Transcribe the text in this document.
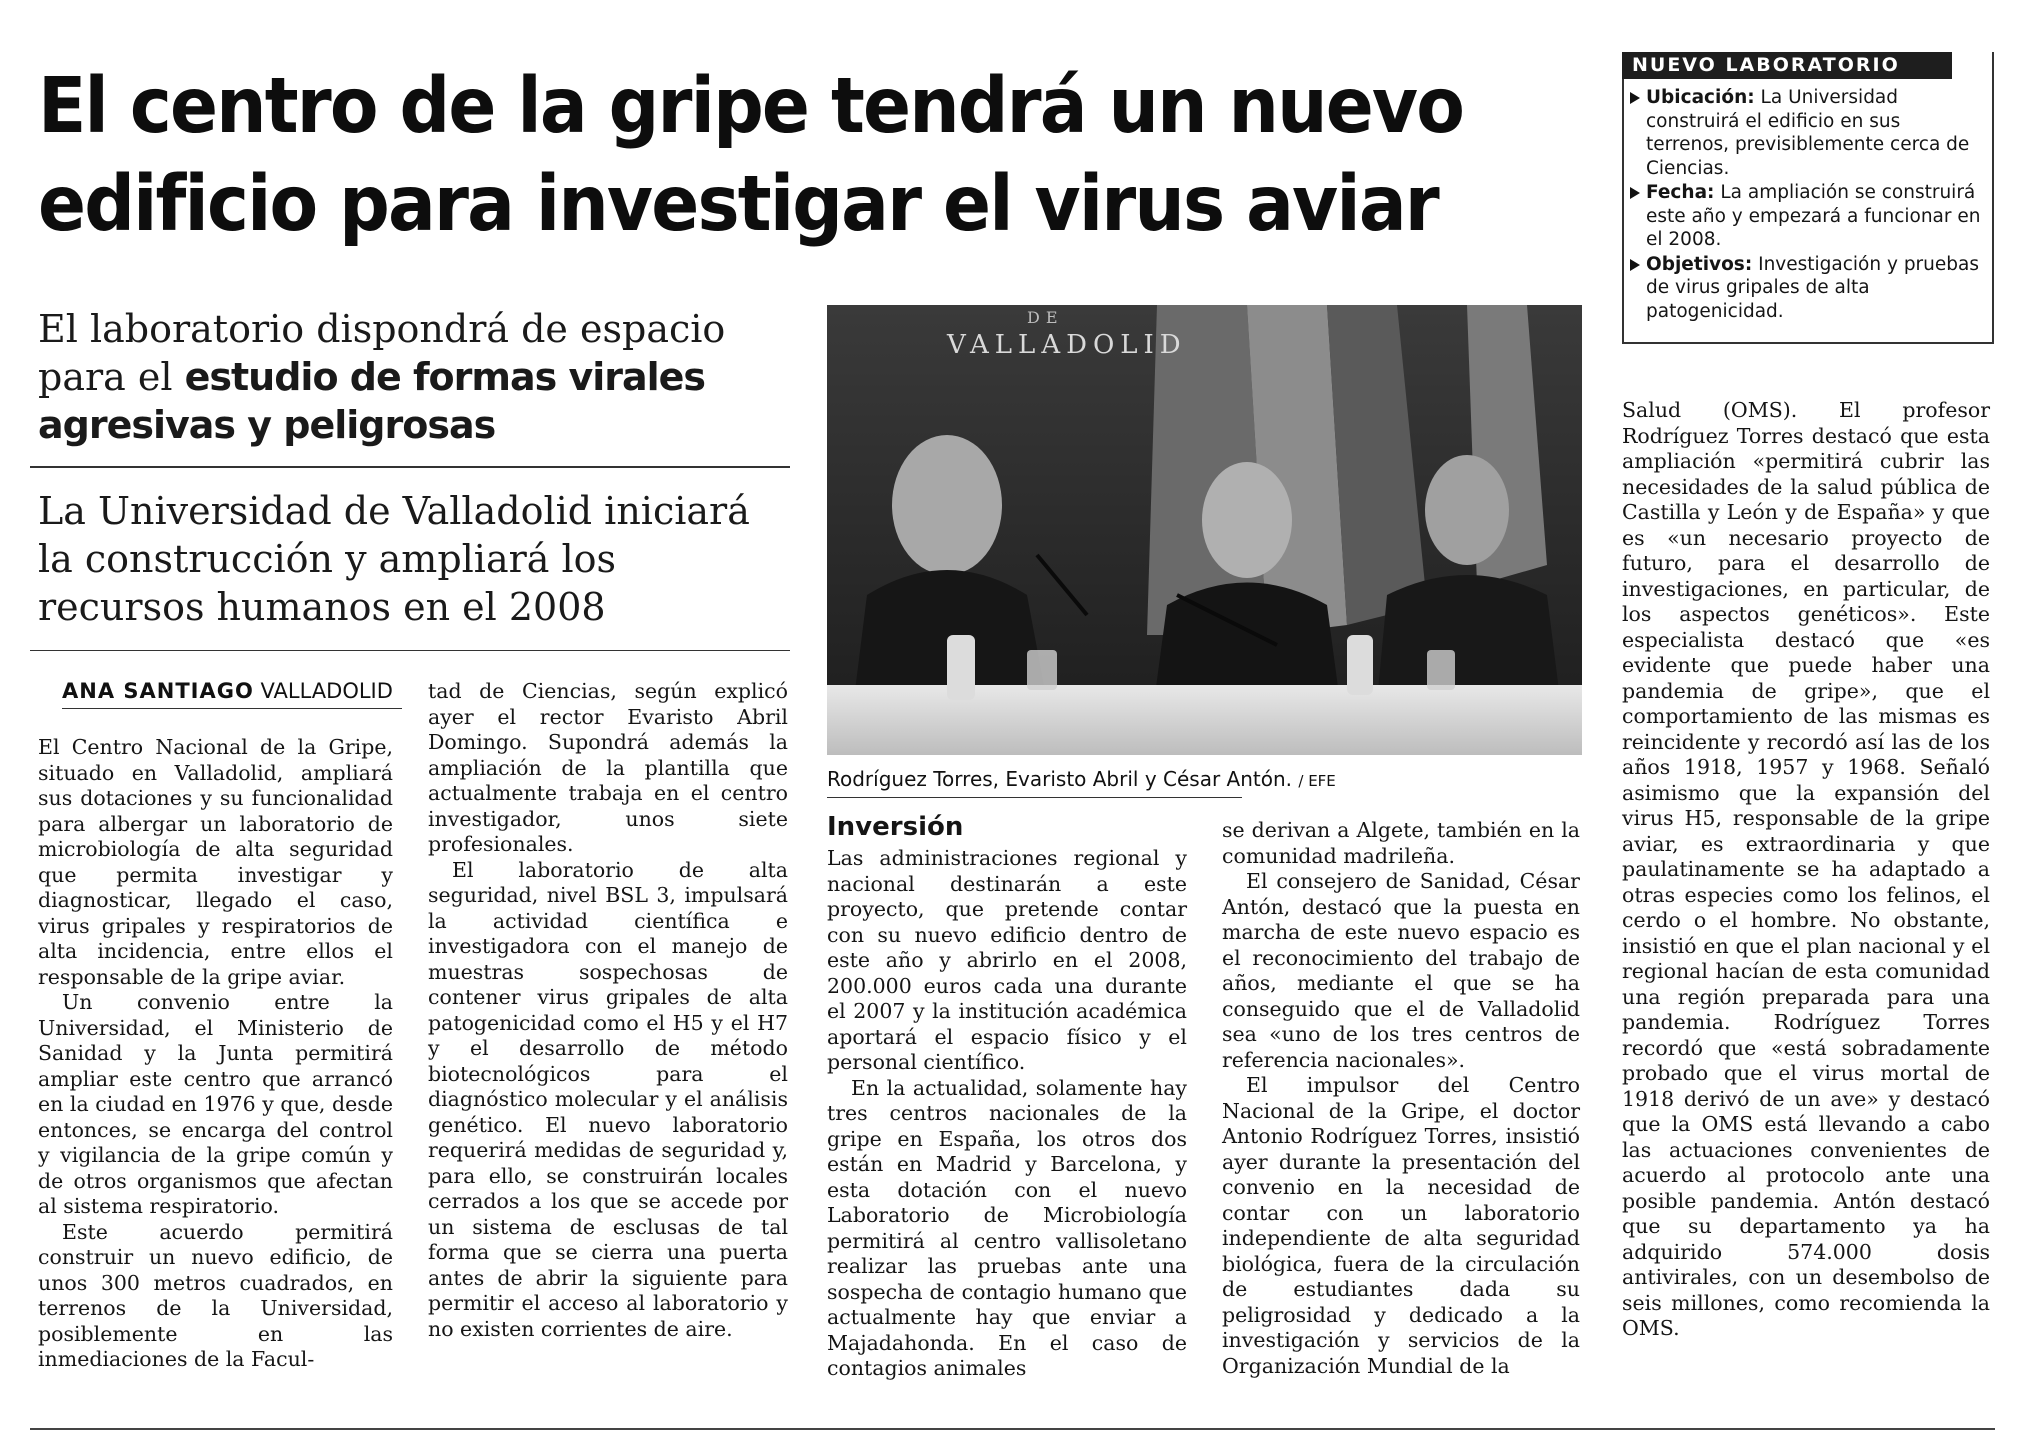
El centro de la gripe tendrá un nuevo
edificio para investigar el virus aviar
NUEVO LABORATORIO
Ubicación: La Universidad construirá el edificio en sus terrenos, previsiblemente cerca de Ciencias.
Fecha: La ampliación se construirá este año y empezará a funcionar en el 2008.
Objetivos: Investigación y pruebas de virus gripales de alta patogenicidad.
El laboratorio dispondrá de espacio
para el estudio de formas virales
agresivas y peligrosas
La Universidad de Valladolid iniciará
la construcción y ampliará los
recursos humanos en el 2008
ANA SANTIAGO VALLADOLID
VALLADOLID
DE
Rodríguez Torres, Evaristo Abril y César Antón. / EFE

El Centro Nacional de la Gripe, situado en Valladolid, ampliará sus dotaciones y su funcionalidad para albergar un laboratorio de microbiología de alta seguridad que permita investigar y diagnosticar, llegado el caso, virus gripales y respiratorios de alta incidencia, entre ellos el responsable de la gripe aviar.

Un convenio entre la Universidad, el Ministerio de Sanidad y la Junta permitirá ampliar este centro que arrancó en la ciudad en 1976 y que, desde entonces, se encarga del control y vigilancia de la gripe común y de otros organismos que afectan al sistema respiratorio.

Este acuerdo permitirá construir un nuevo edificio, de unos 300 metros cuadrados, en terrenos de la Universidad, posiblemente en las inmediaciones de la Facul-

tad de Ciencias, según explicó ayer el rector Evaristo Abril Domingo. Supondrá además la ampliación de la plantilla que actualmente trabaja en el centro investigador, unos siete profesionales.

El laboratorio de alta seguridad, nivel BSL 3, impulsará la actividad científica e investigadora con el manejo de muestras sospechosas de contener virus gripales de alta patogenicidad como el H5 y el H7 y el desarrollo de método biotecnológicos para el diagnóstico molecular y el análisis genético. El nuevo laboratorio requerirá medidas de seguridad y, para ello, se construirán locales cerrados a los que se accede por un sistema de esclusas de tal forma que se cierra una puerta antes de abrir la siguiente para permitir el acceso al laboratorio y no existen corrientes de aire.

Inversión

Las administraciones regional y nacional destinarán a este proyecto, que pretende contar con su nuevo edificio dentro de este año y abrirlo en el 2008, 200.000 euros cada una durante el 2007 y la institución académica aportará el espacio físico y el personal científico.

En la actualidad, solamente hay tres centros nacionales de la gripe en España, los otros dos están en Madrid y Barcelona, y esta dotación con el nuevo Laboratorio de Microbiología permitirá al centro vallisoletano realizar las pruebas ante una sospecha de contagio humano que actualmente hay que enviar a Majadahonda. En el caso de contagios animales

se derivan a Algete, también en la comunidad madrileña.

El consejero de Sanidad, César Antón, destacó que la puesta en marcha de este nuevo espacio es el reconocimiento del trabajo de años, mediante el que se ha conseguido que el de Valladolid sea «uno de los tres centros de referencia nacionales».

El impulsor del Centro Nacional de la Gripe, el doctor Antonio Rodríguez Torres, insistió ayer durante la presentación del convenio en la necesidad de contar con un laboratorio independiente de alta seguridad biológica, fuera de la circulación de estudiantes dada su peligrosidad y dedicado a la investigación y servicios de la Organización Mundial de la

Salud (OMS). El profesor Rodríguez Torres destacó que esta ampliación «permitirá cubrir las necesidades de la salud pública de Castilla y León y de España» y que es «un necesario proyecto de futuro, para el desarrollo de investigaciones, en particular, de los aspectos genéticos». Este especialista destacó que «es evidente que puede haber una pandemia de gripe», que el comportamiento de las mismas es reincidente y recordó así las de los años 1918, 1957 y 1968. Señaló asimismo que la expansión del virus H5, responsable de la gripe aviar, es extraordinaria y que paulatinamente se ha adaptado a otras especies como los felinos, el cerdo o el hombre. No obstante, insistió en que el plan nacional y el regional hacían de esta comunidad una región preparada para una pandemia. Rodríguez Torres recordó que «está sobradamente probado que el virus mortal de 1918 derivó de un ave» y destacó que la OMS está llevando a cabo las actuaciones convenientes de acuerdo al protocolo ante una posible pandemia. Antón destacó que su departamento ya ha adquirido 574.000 dosis antivirales, con un desembolso de seis millones, como recomienda la OMS.
